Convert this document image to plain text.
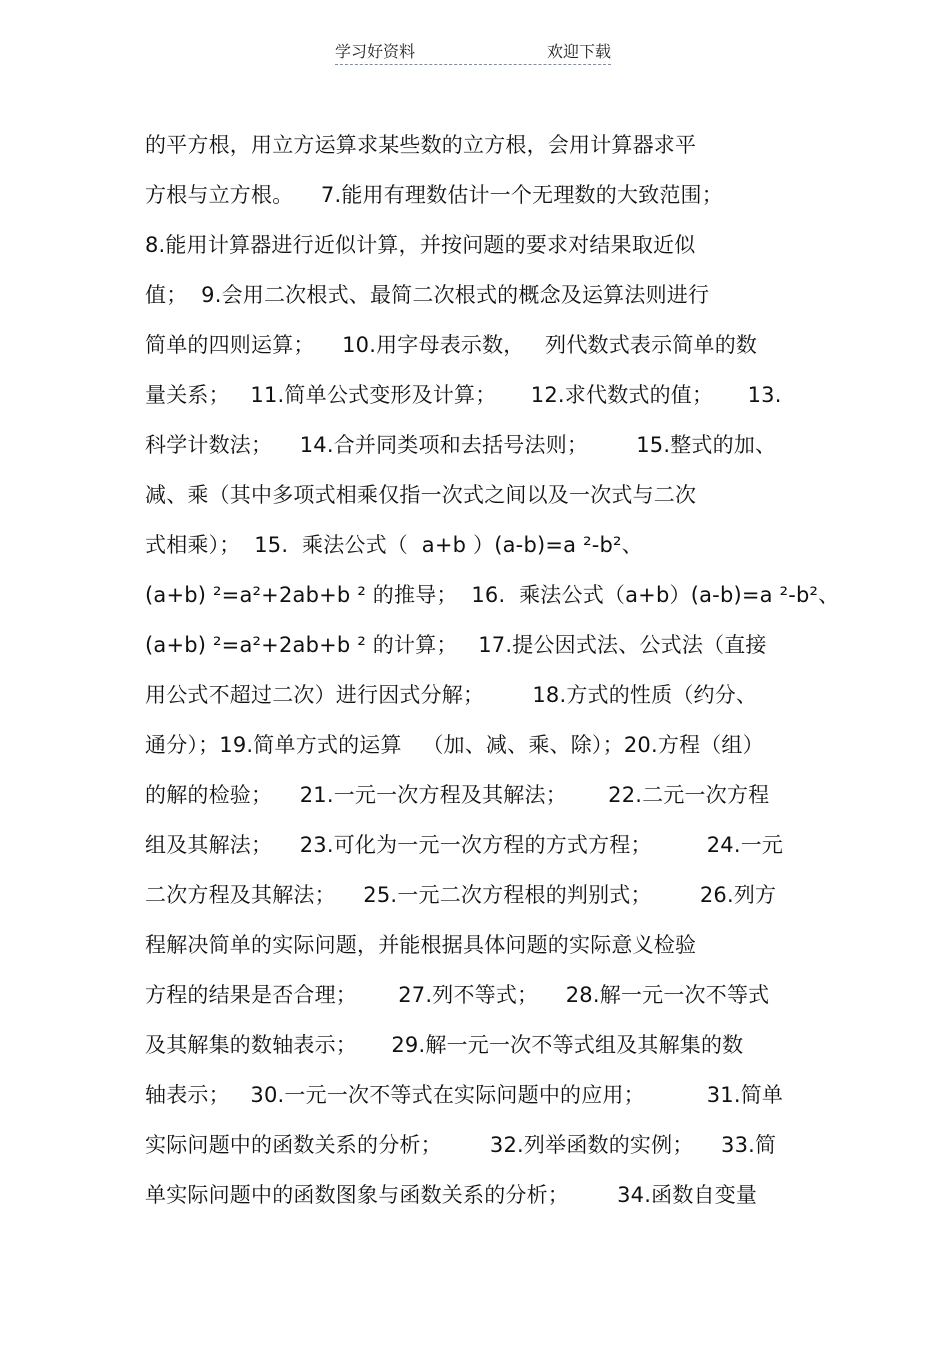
学习好资料	欢迎下载
的平方根，用立方运算求某些数的立方根，会用计算器求平
方根与立方根。    7.能用有理数估计一个无理数的大致范围；
8.能用计算器进行近似计算，并按问题的要求对结果取近似
值；  9.会用二次根式、最简二次根式的概念及运算法则进行
简单的四则运算；    10.用字母表示数，   列代数式表示简单的数
量关系；   11.简单公式变形及计算；     12.求代数式的值；     13.
科学计数法；    14.合并同类项和去括号法则；       15.整式的加、
减、乘（其中多项式相乘仅指一次式之间以及一次式与二次
式相乘）；  15.  乘法公式（  a+b ）(a-b)=a ²-b²、
(a+b) ²=a²+2ab+b ² 的推导；  16.  乘法公式（a+b）(a-b)=a ²-b²、
(a+b) ²=a²+2ab+b ² 的计算；   17.提公因式法、公式法（直接
用公式不超过二次）进行因式分解；       18.方式的性质（约分、
通分）；19.简单方式的运算   （加、减、乘、除）；20.方程（组）
的解的检验；    21.一元一次方程及其解法；      22.二元一次方程
组及其解法；    23.可化为一元一次方程的方式方程；        24.一元
二次方程及其解法；    25.一元二次方程根的判别式；       26.列方
程解决简单的实际问题，并能根据具体问题的实际意义检验
方程的结果是否合理；      27.列不等式；    28.解一元一次不等式
及其解集的数轴表示；     29.解一元一次不等式组及其解集的数
轴表示；   30.一元一次不等式在实际问题中的应用；         31.简单
实际问题中的函数关系的分析；       32.列举函数的实例；    33.简
单实际问题中的函数图象与函数关系的分析；       34.函数自变量
